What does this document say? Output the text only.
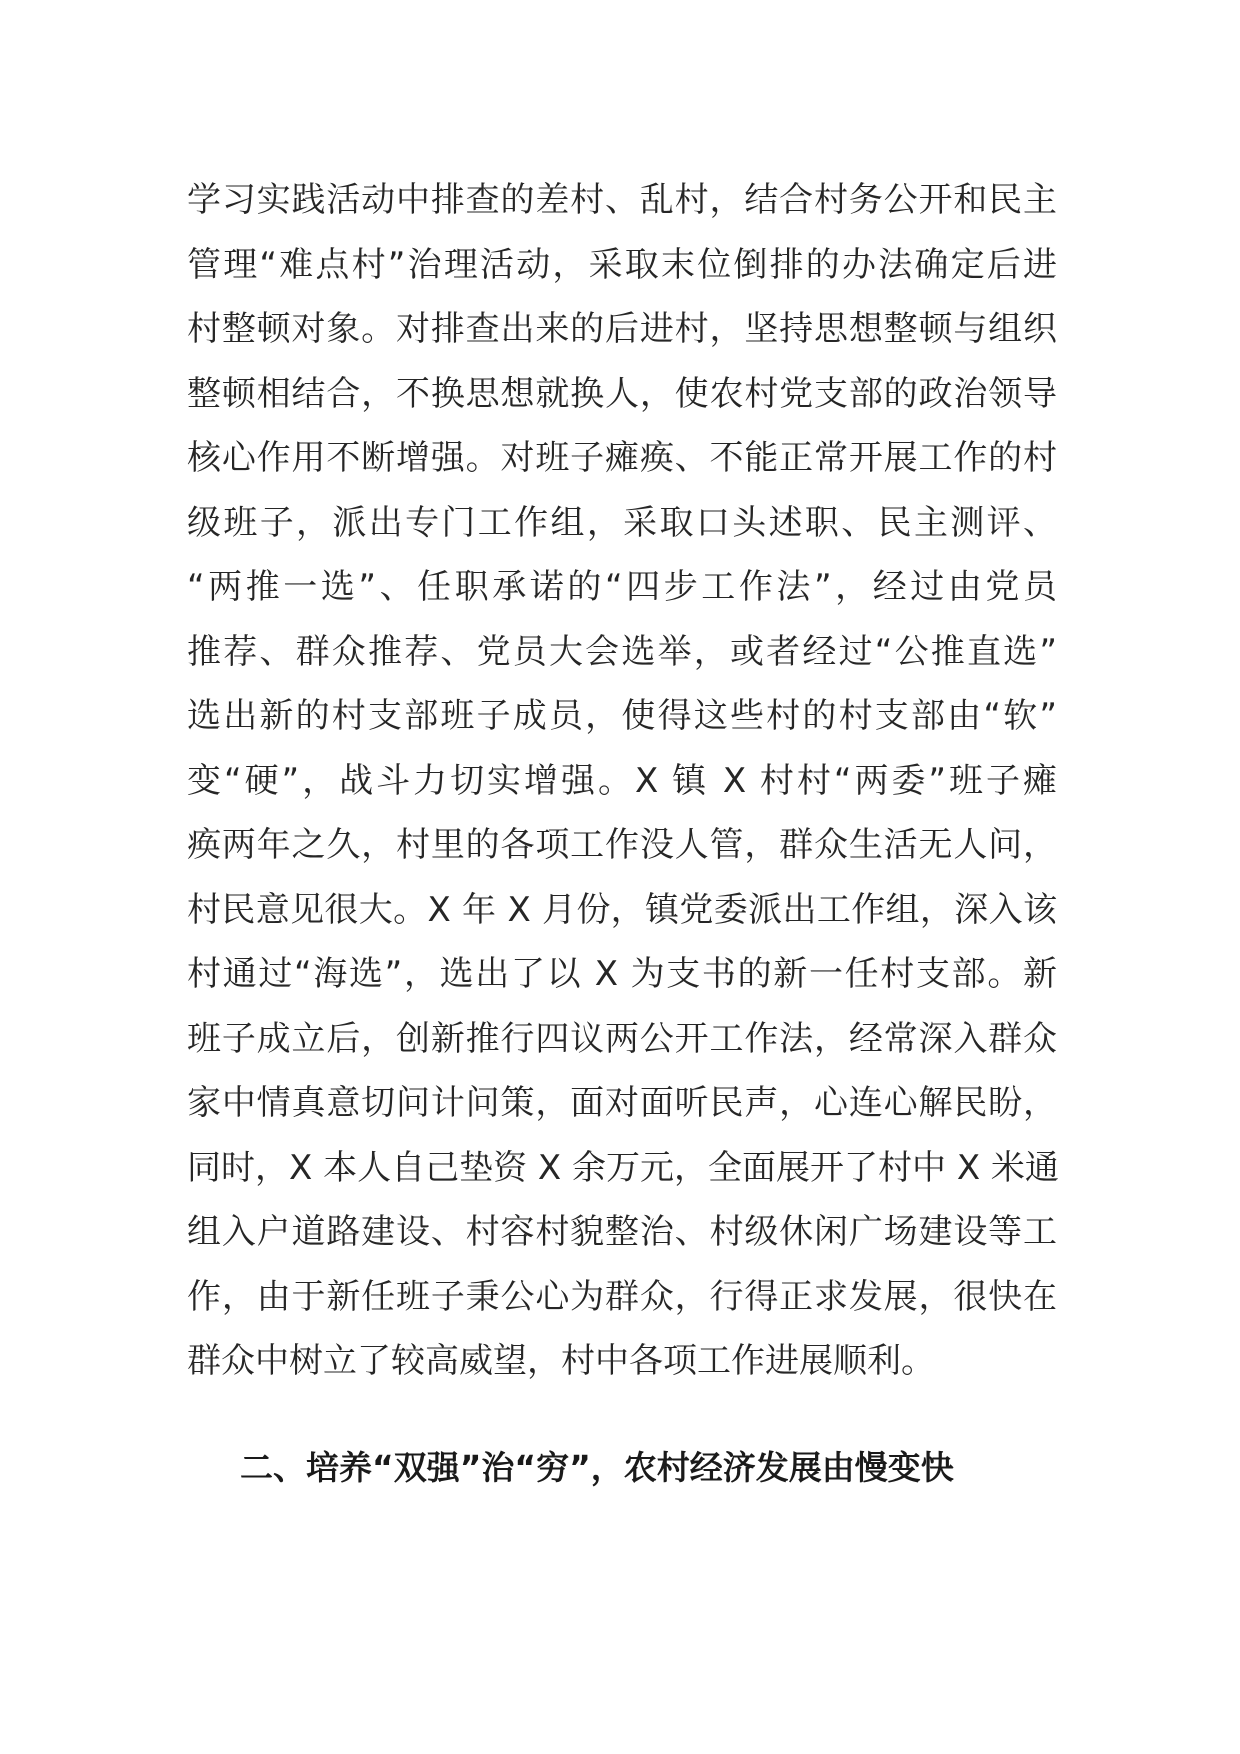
学习实践活动中排查的差村、乱村，结合村务公开和民主
管理“难点村”治理活动，采取末位倒排的办法确定后进
村整顿对象。对排查出来的后进村，坚持思想整顿与组织
整顿相结合，不换思想就换人，使农村党支部的政治领导
核心作用不断增强。对班子瘫痪、不能正常开展工作的村
级班子，派出专门工作组，采取口头述职、民主测评、
“两推一选”、任职承诺的“四步工作法”，经过由党员
推荐、群众推荐、党员大会选举，或者经过“公推直选”
选出新的村支部班子成员，使得这些村的村支部由“软”
变“硬”，战斗力切实增强。X 镇 X 村村“两委”班子瘫
痪两年之久，村里的各项工作没人管，群众生活无人问，
村民意见很大。X 年 X 月份，镇党委派出工作组，深入该
村通过“海选”，选出了以 X 为支书的新一任村支部。新
班子成立后，创新推行四议两公开工作法，经常深入群众
家中情真意切问计问策，面对面听民声，心连心解民盼，
同时，X 本人自己垫资 X 余万元，全面展开了村中 X 米通
组入户道路建设、村容村貌整治、村级休闲广场建设等工
作，由于新任班子秉公心为群众，行得正求发展，很快在
群众中树立了较高威望，村中各项工作进展顺利。
二、培养“双强”治“穷”，农村经济发展由慢变快
